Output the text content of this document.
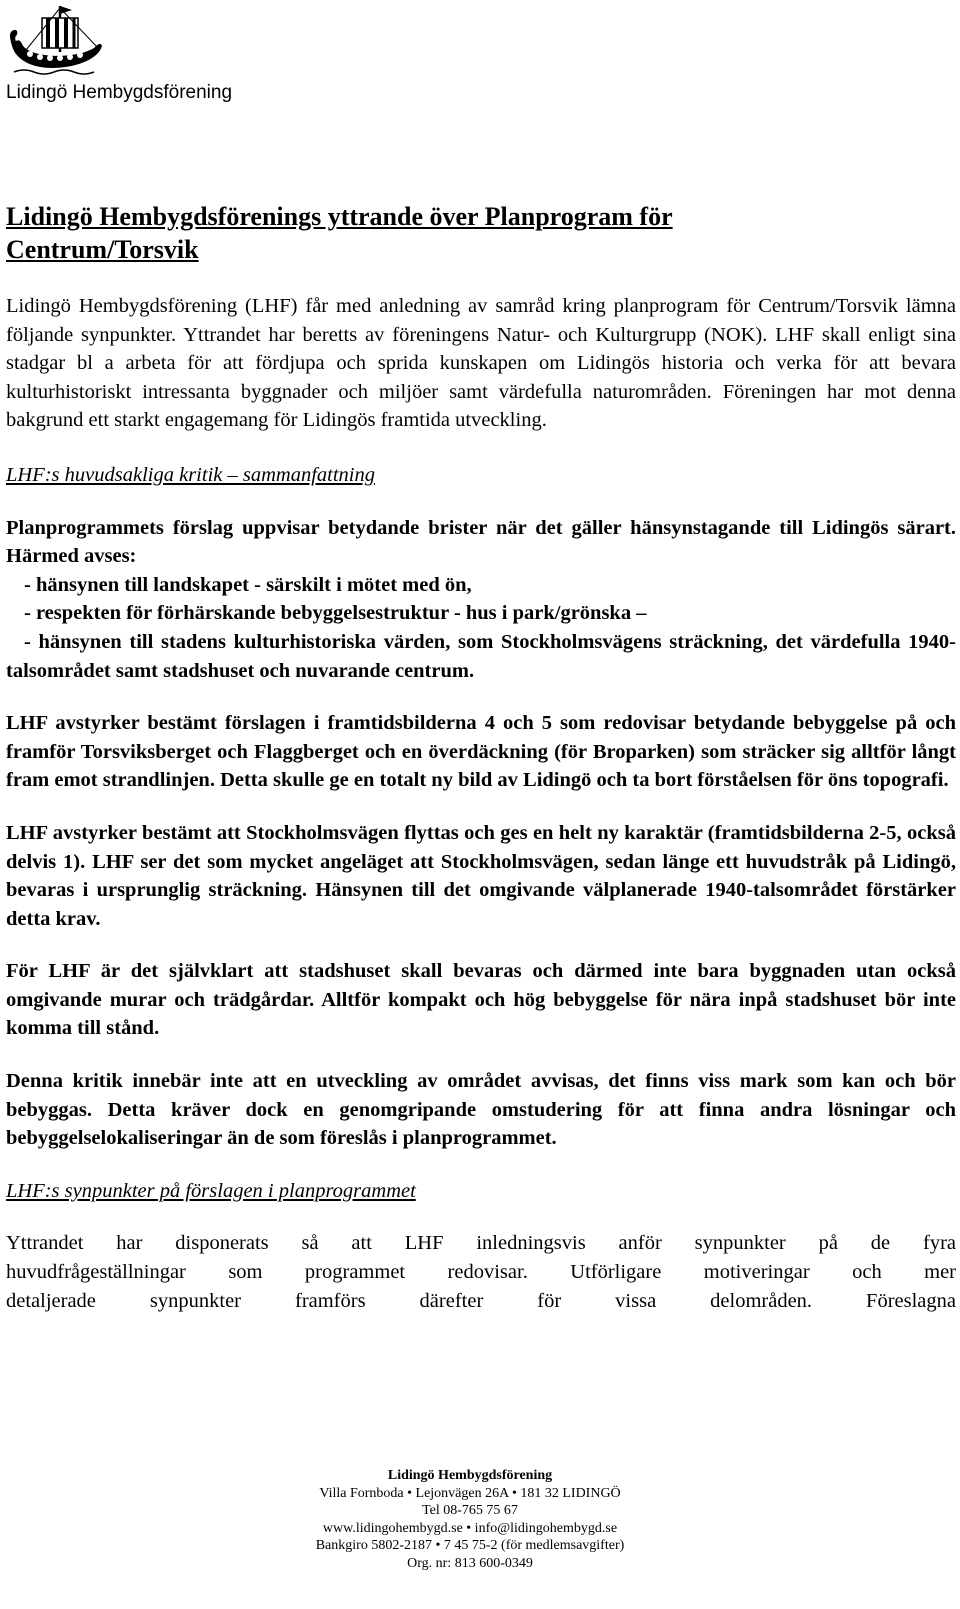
Lidingö Hembygdsförening
Lidingö Hembygdsförenings yttrande över Planprogram för
Centrum/Torsvik

Lidingö Hembygdsförening (LHF) får med anledning av samråd kring planprogram för Centrum/Torsvik lämna följande synpunkter. Yttrandet har beretts av föreningens Natur- och Kulturgrupp (NOK). LHF skall enligt sina stadgar bl a arbeta för att fördjupa och sprida kunskapen om Lidingös historia och verka för att bevara kulturhistoriskt intressanta byggnader och miljöer samt värdefulla naturområden. Föreningen har mot denna bakgrund ett starkt engagemang för Lidingös framtida utveckling.

LHF:s huvudsakliga kritik – sammanfattning

Planprogrammets förslag uppvisar betydande brister när det gäller hänsynstagande till Lidingös särart. Härmed avses:

- hänsynen till landskapet - särskilt i mötet med ön,
- respekten för förhärskande bebyggelsestruktur - hus i park/grönska –

- hänsynen till stadens kulturhistoriska värden, som Stockholmsvägens sträckning, det värdefulla 1940-talsområdet samt stadshuset och nuvarande centrum.

LHF avstyrker bestämt förslagen i framtidsbilderna 4 och 5 som redovisar betydande bebyggelse på och framför Torsviksberget och Flaggberget och en överdäckning (för Broparken) som sträcker sig alltför långt fram emot strandlinjen. Detta skulle ge en totalt ny bild av Lidingö och ta bort förståelsen för öns topografi.

LHF avstyrker bestämt att Stockholmsvägen flyttas och ges en helt ny karaktär (framtidsbilderna 2-5, också delvis 1). LHF ser det som mycket angeläget att Stockholmsvägen, sedan länge ett huvudstråk på Lidingö, bevaras i ursprunglig sträckning. Hänsynen till det omgivande välplanerade 1940-talsområdet förstärker detta krav.

För LHF är det självklart att stadshuset skall bevaras och därmed inte bara byggnaden utan också omgivande murar och trädgårdar. Alltför kompakt och hög bebyggelse för nära inpå stadshuset bör inte komma till stånd.

Denna kritik innebär inte att en utveckling av området avvisas, det finns viss mark som kan och bör bebyggas. Detta kräver dock en genomgripande omstudering för att finna andra lösningar och bebyggelselokaliseringar än de som föreslås i planprogrammet.

LHF:s synpunkter på förslagen i planprogrammet

Yttrandet har disponerats så att LHF inledningsvis anför synpunkter på de fyra
huvudfrågeställningar som programmet redovisar. Utförligare motiveringar och mer
detaljerade synpunkter framförs därefter för vissa delområden. Föreslagna
Lidingö Hembygdsförening
Villa Fornboda • Lejonvägen 26A • 181 32 LIDINGÖ
Tel 08-765 75 67
www.lidingohembygd.se • info@lidingohembygd.se
Bankgiro 5802-2187 • 7 45 75-2 (för medlemsavgifter)
Org. nr: 813 600-0349
